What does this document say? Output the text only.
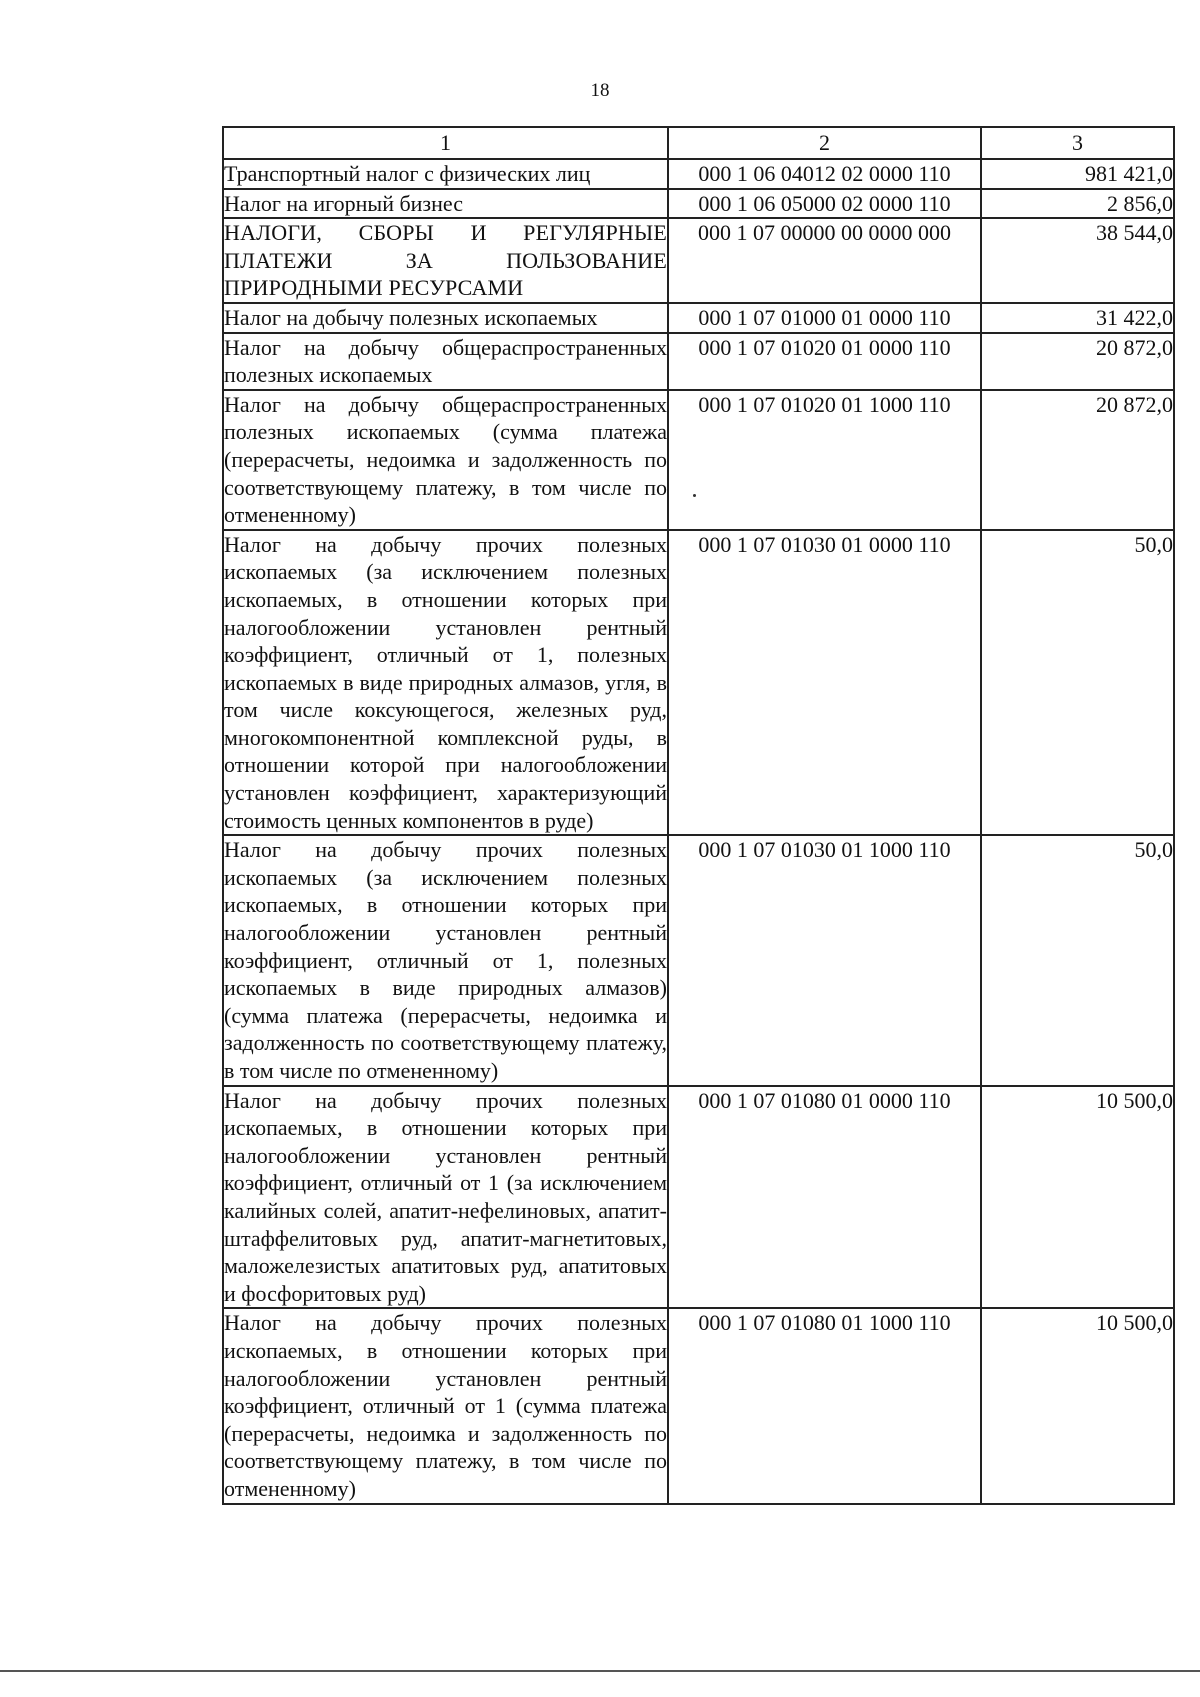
18
1	2	3
Транспортный налог с физических лиц	000 1 06 04012 02 0000 110	981 421,0
Налог на игорный бизнес	000 1 06 05000 02 0000 110	2 856,0
НАЛОГИ, СБОРЫ И РЕГУЛЯРНЫЕ ПЛАТЕЖИ ЗА ПОЛЬЗОВАНИЕ ПРИРОДНЫМИ РЕСУРСАМИ	000 1 07 00000 00 0000 000	38 544,0
Налог на добычу полезных ископаемых	000 1 07 01000 01 0000 110	31 422,0
Налог на добычу общераспространенных полезных ископаемых	000 1 07 01020 01 0000 110	20 872,0
Налог на добычу общераспространенных полезных ископаемых (сумма платежа (перерасчеты, недоимка и задолженность по соответствующему платежу, в том числе по отмененному)	000 1 07 01020 01 1000 110	20 872,0
Налог на добычу прочих полезных ископаемых (за исключением полезных ископаемых, в отношении которых при налогообложении установлен рентный коэффициент, отличный от 1, полезных ископаемых в виде природных алмазов, угля, в том числе коксующегося, железных руд, многокомпонентной комплексной руды, в отношении которой при налогообложении установлен коэффициент, характеризующий стоимость ценных компонентов в руде)	000 1 07 01030 01 0000 110	50,0
Налог на добычу прочих полезных ископаемых (за исключением полезных ископаемых, в отношении которых при налогообложении установлен рентный коэффициент, отличный от 1, полезных ископаемых в виде природных алмазов) (сумма платежа (перерасчеты, недоимка и задолженность по соответствующему платежу, в том числе по отмененному)	000 1 07 01030 01 1000 110	50,0
Налог на добычу прочих полезных ископаемых, в отношении которых при налогообложении установлен рентный коэффициент, отличный от 1 (за исключением калийных солей, апатит-нефелиновых, апатит-штаффелитовых руд, апатит-магнетитовых, маложелезистых апатитовых руд, апатитовых и фосфоритовых руд)	000 1 07 01080 01 0000 110	10 500,0
Налог на добычу прочих полезных ископаемых, в отношении которых при налогообложении установлен рентный коэффициент, отличный от 1 (сумма платежа (перерасчеты, недоимка и задолженность по соответствующему платежу, в том числе по отмененному)	000 1 07 01080 01 1000 110	10 500,0
